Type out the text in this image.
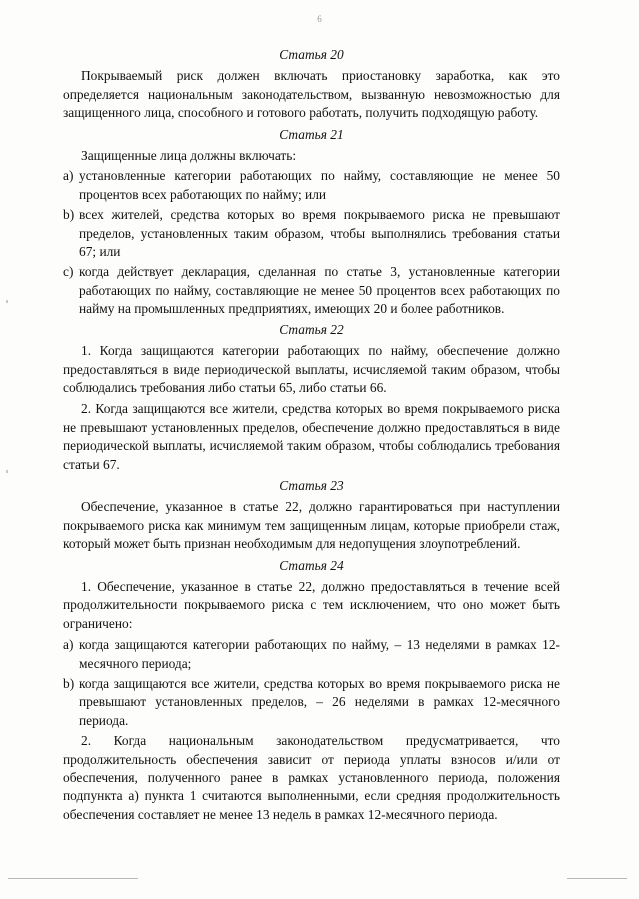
6
Статья 20

Покрываемый риск должен включать приостановку заработка, как это определяется национальным законодательством, вызванную невозможностью для защищенного лица, способного и готового работать, получить подходящую работу.

Статья 21

Защищенные лица должны включать:

a) установленные категории работающих по найму, составляющие не менее 50 процентов всех работающих по найму; или
b) всех жителей, средства которых во время покрываемого риска не превышают пределов, установленных таким образом, чтобы выполнялись требования статьи 67; или
c) когда действует декларация, сделанная по статье 3, установленные категории работающих по найму, составляющие не менее 50 процентов всех работающих по найму на промышленных предприятиях, имеющих 20 и более работников.
Статья 22

1. Когда защищаются категории работающих по найму, обеспечение должно предоставляться в виде периодической выплаты, исчисляемой таким образом, чтобы соблюдались требования либо статьи 65, либо статьи 66.

2. Когда защищаются все жители, средства которых во время покрываемого риска не превышают установленных пределов, обеспечение должно предоставляться в виде периодической выплаты, исчисляемой таким образом, чтобы соблюдались требования статьи 67.

Статья 23

Обеспечение, указанное в статье 22, должно гарантироваться при наступлении покрываемого риска как минимум тем защищенным лицам, которые приобрели стаж, который может быть признан необходимым для недопущения злоупотреблений.

Статья 24

1. Обеспечение, указанное в статье 22, должно предоставляться в течение всей продолжительности покрываемого риска с тем исключением, что оно может быть ограничено:

a) когда защищаются категории работающих по найму, – 13 неделями в рамках 12-месячного периода;
b) когда защищаются все жители, средства которых во время покрываемого риска не превышают установленных пределов, – 26 неделями в рамках 12-месячного периода.

2. Когда национальным законодательством предусматривается, что продолжительность обеспечения зависит от периода уплаты взносов и/или от обеспечения, полученного ранее в рамках установленного периода, положения подпункта а) пункта 1 считаются выполненными, если средняя продолжительность обеспечения составляет не менее 13 недель в рамках 12-месячного периода.
